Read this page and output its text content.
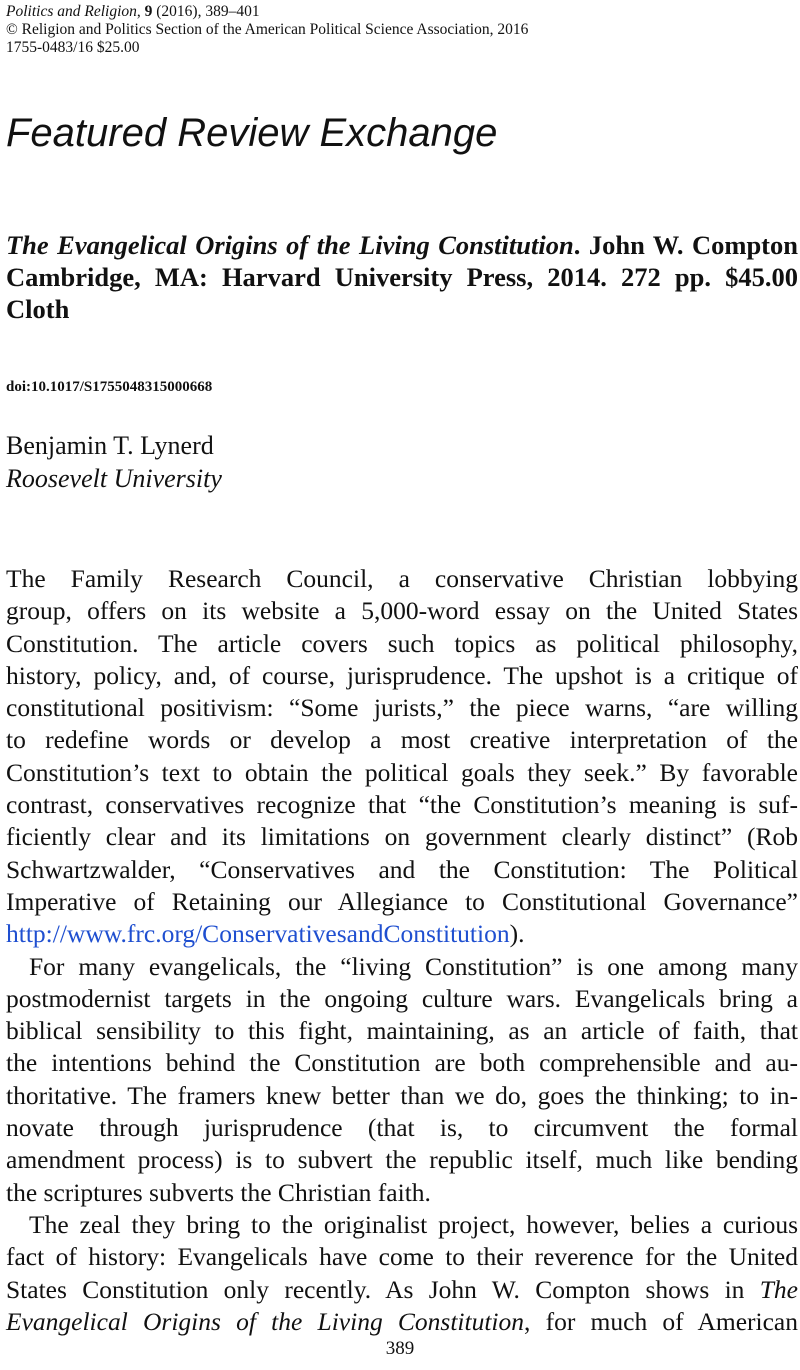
Politics and Religion, 9 (2016), 389–401
© Religion and Politics Section of the American Political Science Association, 2016
1755-0483/16 $25.00
Featured Review Exchange
The Evangelical Origins of the Living Constitution. John W. Compton
Cambridge, MA: Harvard University Press, 2014. 272 pp. $45.00
Cloth
doi:10.1017/S1755048315000668
Benjamin T. Lynerd
Roosevelt University
The Family Research Council, a conservative Christian lobbying
group, offers on its website a 5,000-word essay on the United States
Constitution. The article covers such topics as political philosophy,
history, policy, and, of course, jurisprudence. The upshot is a critique of
constitutional positivism: “Some jurists,” the piece warns, “are willing
to redefine words or develop a most creative interpretation of the
Constitution’s text to obtain the political goals they seek.” By favorable
contrast, conservatives recognize that “the Constitution’s meaning is suf-
ficiently clear and its limitations on government clearly distinct” (Rob
Schwartzwalder, “Conservatives and the Constitution: The Political
Imperative of Retaining our Allegiance to Constitutional Governance”
http://www.frc.org/ConservativesandConstitution).
For many evangelicals, the “living Constitution” is one among many
postmodernist targets in the ongoing culture wars. Evangelicals bring a
biblical sensibility to this fight, maintaining, as an article of faith, that
the intentions behind the Constitution are both comprehensible and au-
thoritative. The framers knew better than we do, goes the thinking; to in-
novate through jurisprudence (that is, to circumvent the formal
amendment process) is to subvert the republic itself, much like bending
the scriptures subverts the Christian faith.
The zeal they bring to the originalist project, however, belies a curious
fact of history: Evangelicals have come to their reverence for the United
States Constitution only recently. As John W. Compton shows in The
Evangelical Origins of the Living Constitution, for much of American
389
